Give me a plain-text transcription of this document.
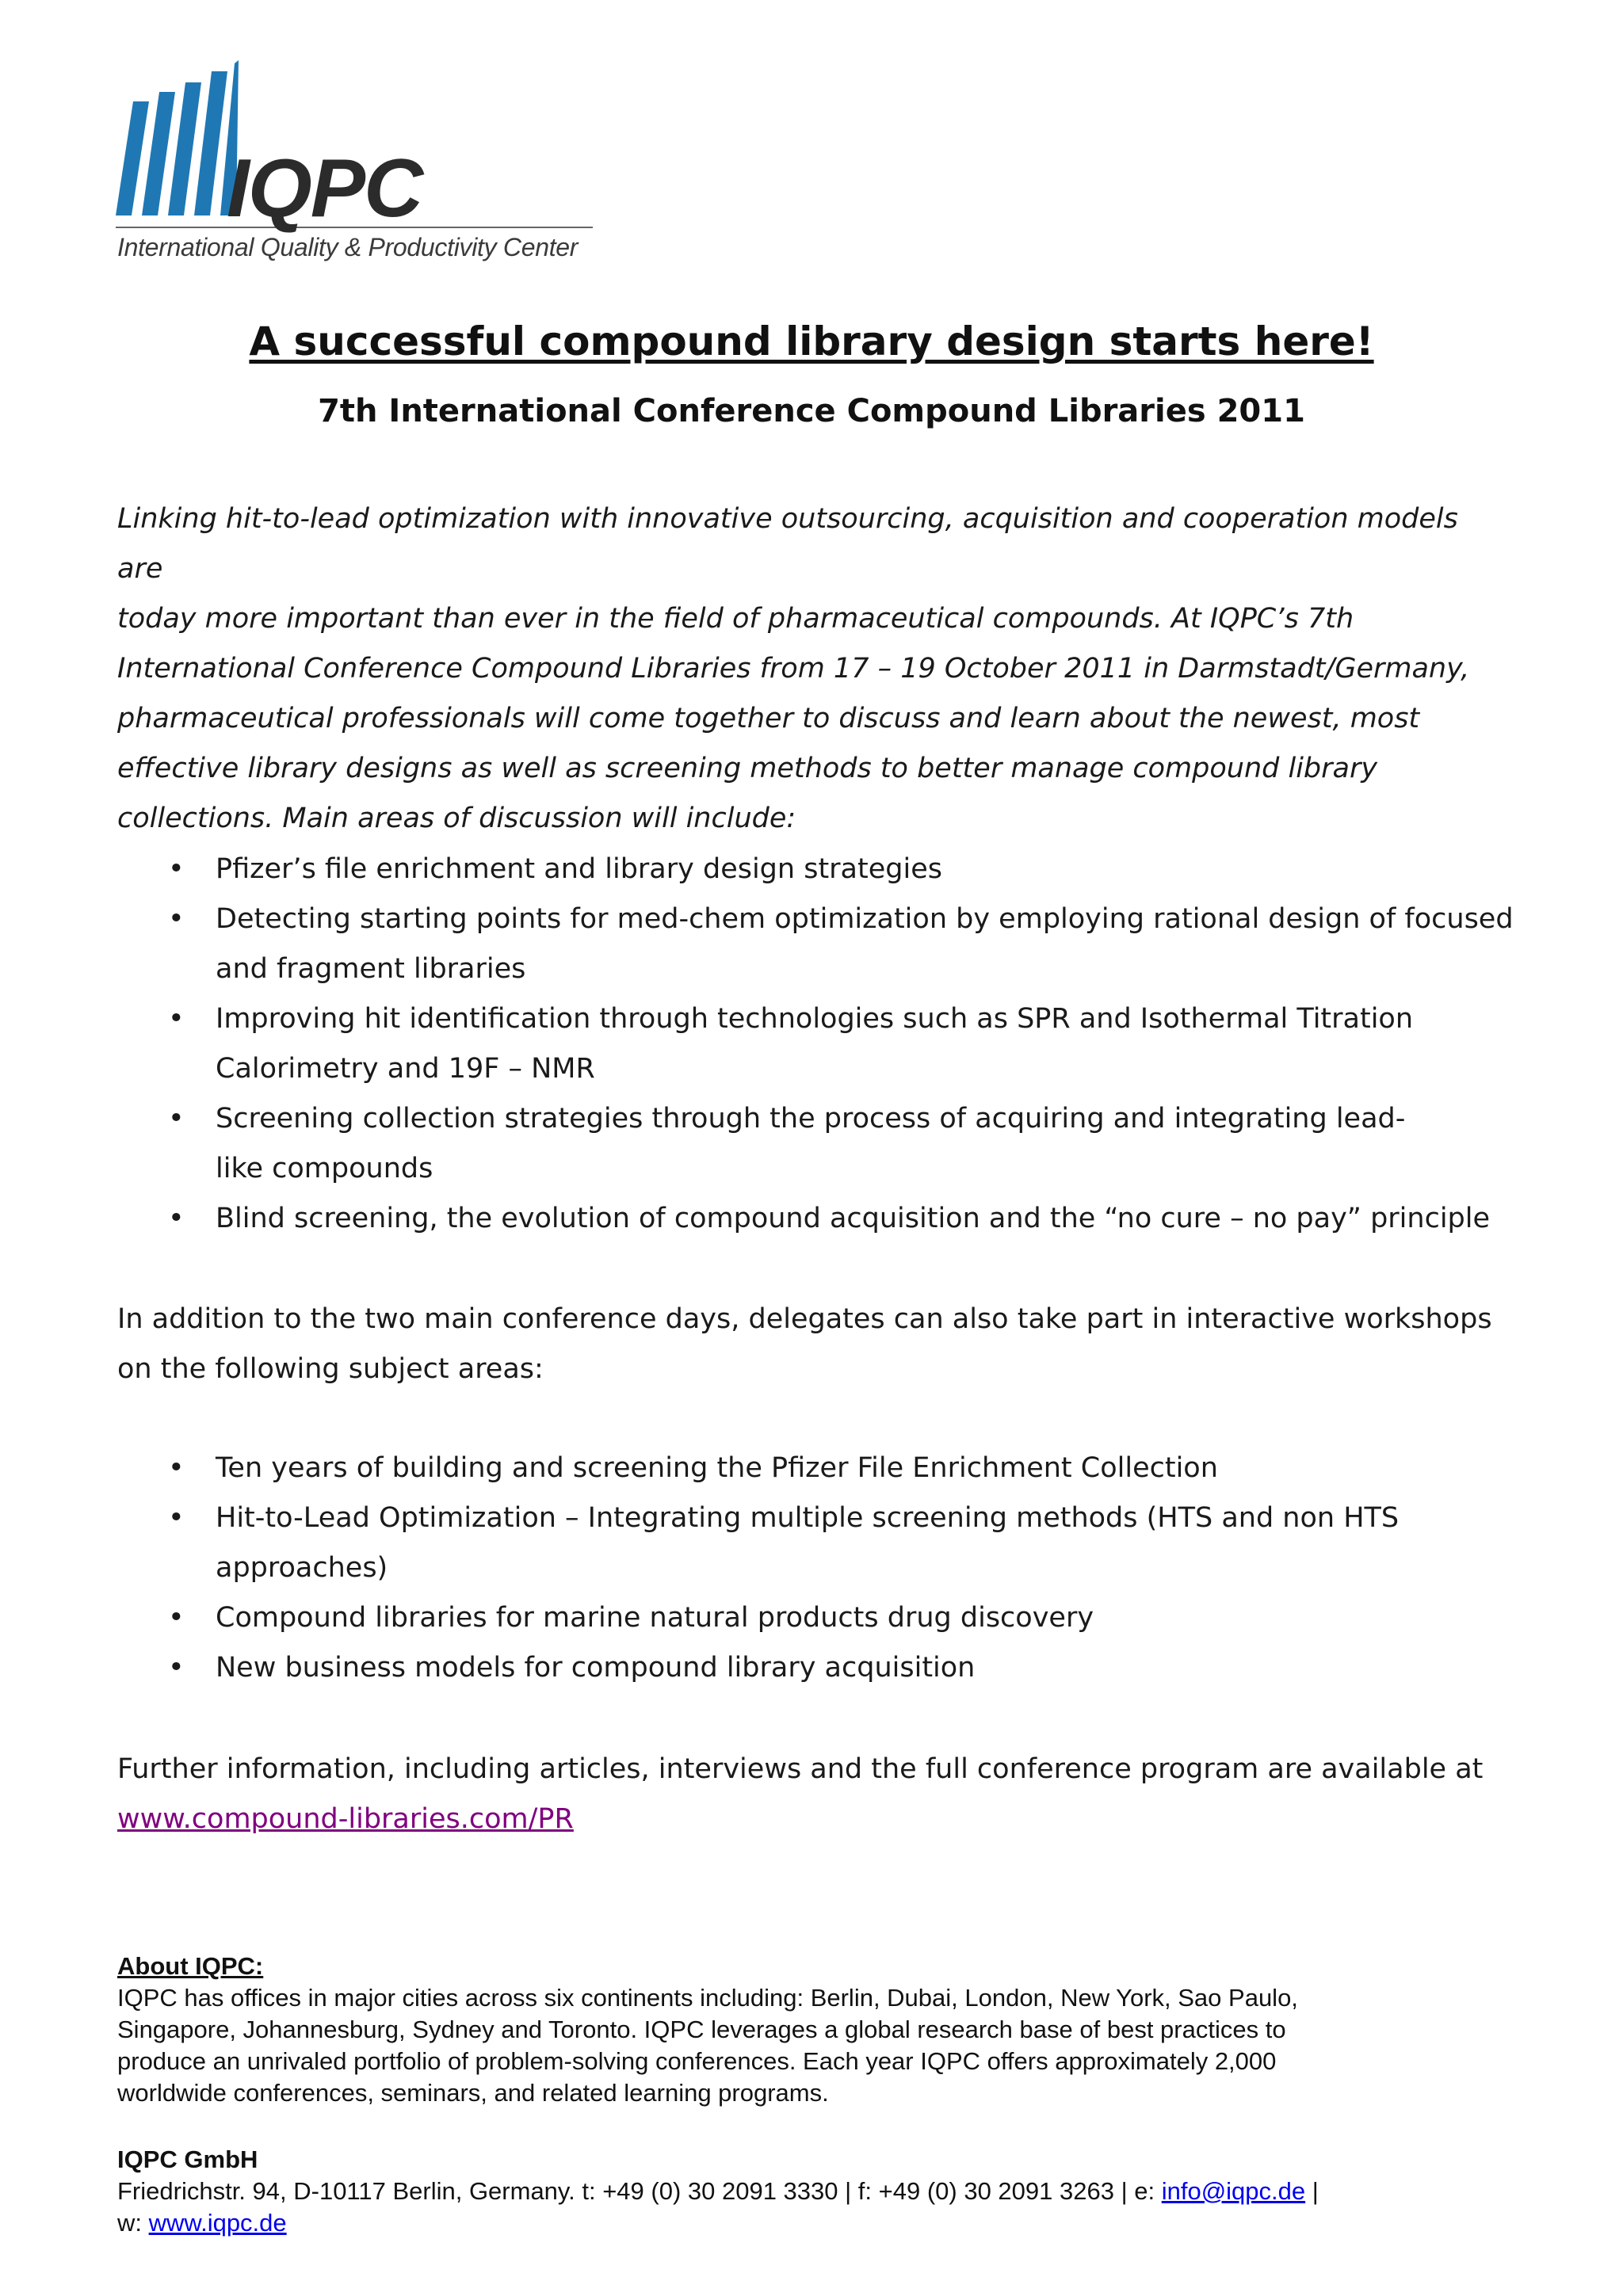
IQPC
International Quality & Productivity Center
A successful compound library design starts here!
7th International Conference Compound Libraries 2011
Linking hit-to-lead optimization with innovative outsourcing, acquisition and cooperation models are
today more important than ever in the field of pharmaceutical compounds. At IQPC’s 7th
International Conference Compound Libraries from 17 – 19 October 2011 in Darmstadt/Germany,
pharmaceutical professionals will come together to discuss and learn about the newest, most
effective library designs as well as screening methods to better manage compound library
collections. Main areas of discussion will include:
• Pfizer’s file enrichment and library design strategies
• Detecting starting points for med-chem optimization by employing rational design of focused
and fragment libraries
• Improving hit identification through technologies such as SPR and Isothermal Titration
Calorimetry and 19F – NMR
• Screening collection strategies through the process of acquiring and integrating lead-
like compounds
• Blind screening, the evolution of compound acquisition and the “no cure – no pay” principle
In addition to the two main conference days, delegates can also take part in interactive workshops
on the following subject areas:
• Ten years of building and screening the Pfizer File Enrichment Collection
• Hit-to-Lead Optimization – Integrating multiple screening methods (HTS and non HTS
approaches)
• Compound libraries for marine natural products drug discovery
• New business models for compound library acquisition
Further information, including articles, interviews and the full conference program are available at
www.compound-libraries.com/PR
About IQPC:
IQPC has offices in major cities across six continents including: Berlin, Dubai, London, New York, Sao Paulo,
Singapore, Johannesburg, Sydney and Toronto. IQPC leverages a global research base of best practices to
produce an unrivaled portfolio of problem-solving conferences. Each year IQPC offers approximately 2,000
worldwide conferences, seminars, and related learning programs.
IQPC GmbH
Friedrichstr. 94, D-10117 Berlin, Germany. t: +49 (0) 30 2091 3330 | f: +49 (0) 30 2091 3263 | e: info@iqpc.de |
w: www.iqpc.de
